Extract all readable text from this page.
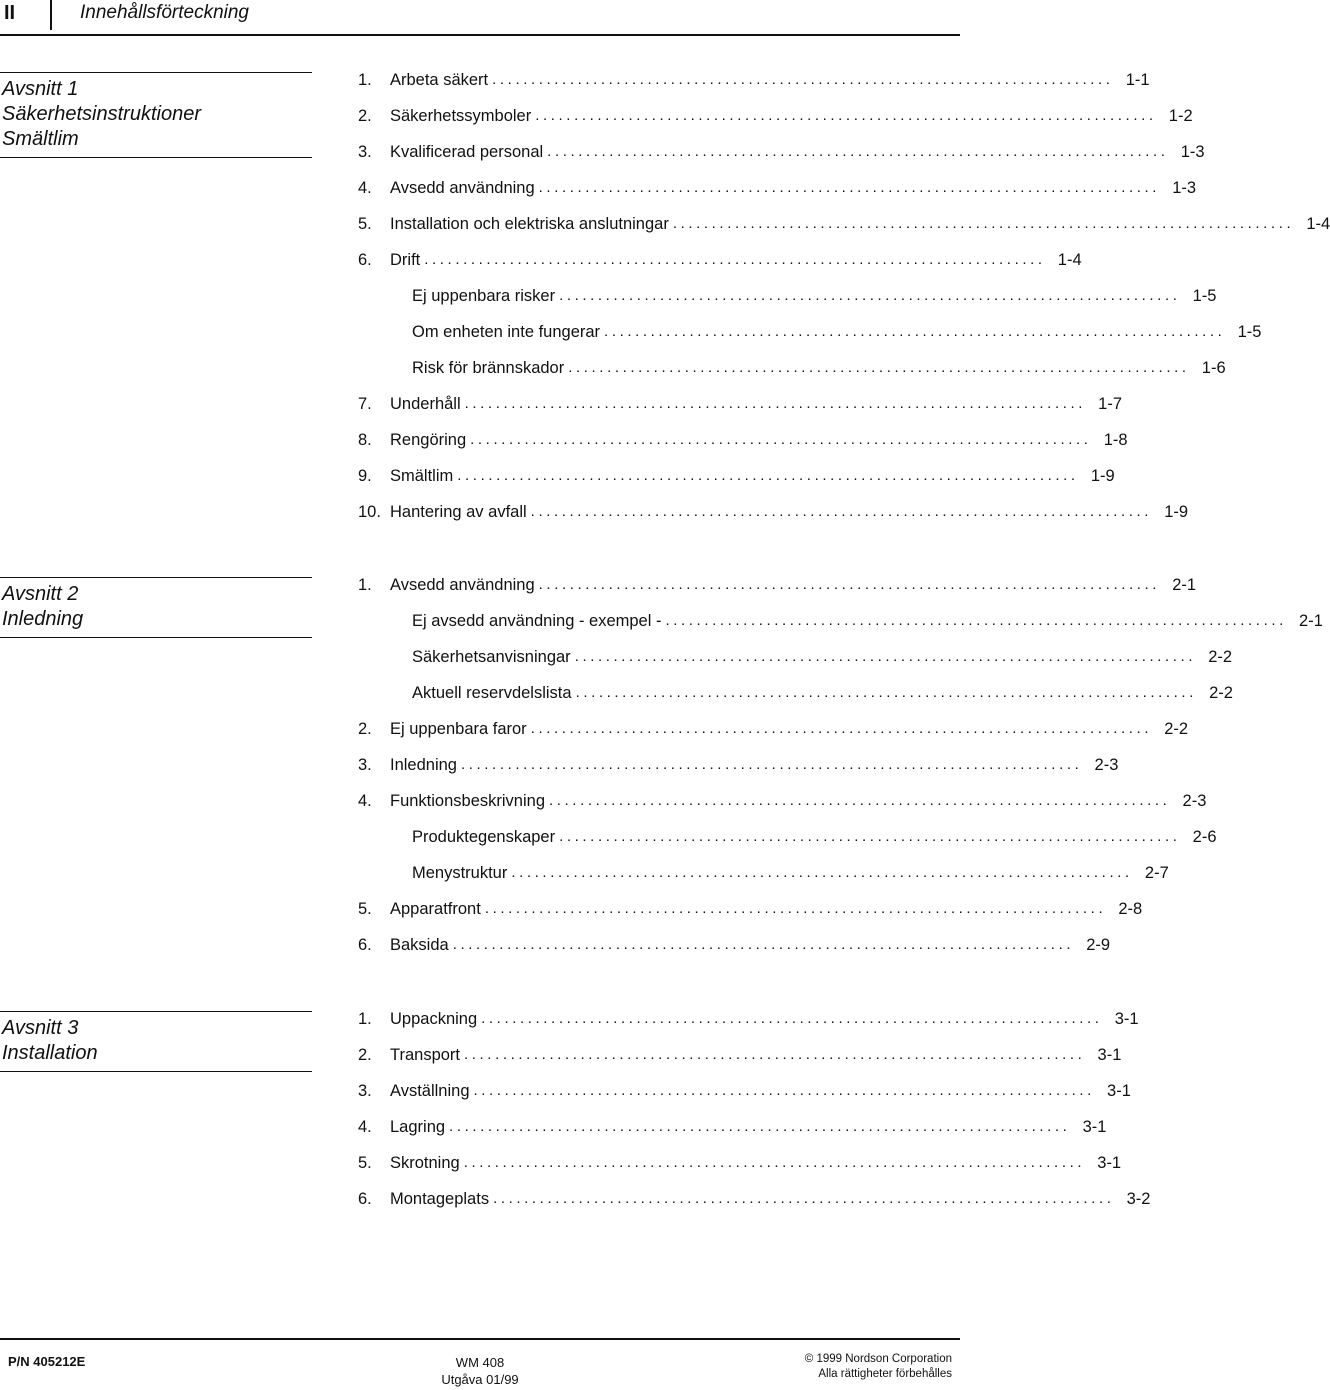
II	Innehållsförteckning
Avsnitt 1
Säkerhetsinstruktioner
Smältlim
1.	Arbeta säkert ................................................................................ 1-1
2.	Säkerhetssymboler ................................................................................ 1-2
3.	Kvalificerad personal ................................................................................ 1-3
4.	Avsedd användning ................................................................................ 1-3
5.	Installation och elektriska anslutningar ................................................................................ 1-4
6.	Drift ................................................................................ 1-4
Ej uppenbara risker ................................................................................ 1-5
Om enheten inte fungerar ................................................................................ 1-5
Risk för brännskador ................................................................................ 1-6
7.	Underhåll ................................................................................ 1-7
8.	Rengöring ................................................................................ 1-8
9.	Smältlim ................................................................................ 1-9
10. Hantering av avfall ................................................................................ 1-9
Avsnitt 2
Inledning
1.	Avsedd användning ................................................................................ 2-1
Ej avsedd användning - exempel - ................................................................................ 2-1
Säkerhetsanvisningar ................................................................................ 2-2
Aktuell reservdelslista ................................................................................ 2-2
2.	Ej uppenbara faror ................................................................................ 2-2
3.	Inledning ................................................................................ 2-3
4.	Funktionsbeskrivning ................................................................................ 2-3
Produktegenskaper ................................................................................ 2-6
Menystruktur ................................................................................ 2-7
5.	Apparatfront ................................................................................ 2-8
6.	Baksida ................................................................................ 2-9
Avsnitt 3
Installation
1.	Uppackning ................................................................................ 3-1
2.	Transport ................................................................................ 3-1
3.	Avställning ................................................................................ 3-1
4.	Lagring ................................................................................ 3-1
5.	Skrotning ................................................................................ 3-1
6.	Montageplats ................................................................................ 3-2
P/N 405212E	WM 408
Utgåva 01/99
© 1999 Nordson Corporation
Alla rättigheter förbehålles
